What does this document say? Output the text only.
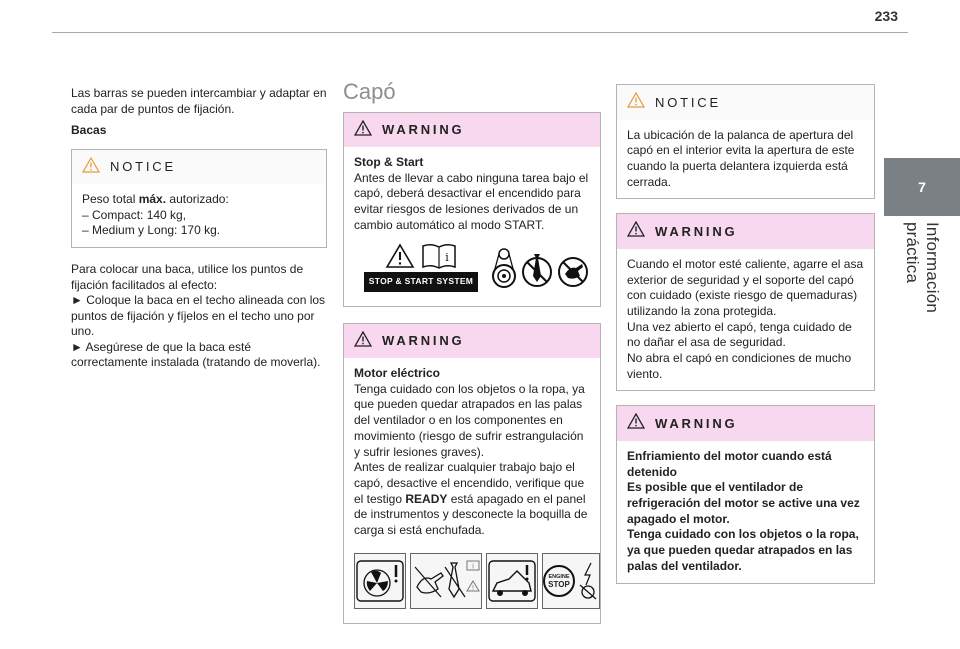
233
7
Información práctica

Las barras se pueden intercambiar y adaptar en cada par de puntos de fijación.

Bacas
NOTICE
Peso total máx. autorizado:
– Compact: 140 kg,
– Medium y Long: 170 kg.

Para colocar una baca, utilice los puntos de fijación facilitados al efecto:

► Coloque la baca en el techo alineada con los puntos de fijación y fíjelos en el techo uno por uno.

► Asegúrese de que la baca esté correctamente instalada (tratando de moverla).

Capó
WARNING
Stop & Start
Antes de llevar a cabo ninguna tarea bajo el capó, deberá desactivar el encendido para evitar riesgos de lesiones derivados de un cambio automático al modo START.
i
STOP & START SYSTEM
WARNING
Motor eléctrico
Tenga cuidado con los objetos o la ropa, ya que pueden quedar atrapados en las palas del ventilador o en los componentes en movimiento (riesgo de sufrir estrangulación y sufrir lesiones graves).
Antes de realizar cualquier trabajo bajo el capó, desactive el encendido, verifique que el testigo READY está apagado en el panel de instrumentos y desconecte la boquilla de carga si está enchufada.
i
!
ENGINE
STOP
NOTICE
La ubicación de la palanca de apertura del capó en el interior evita la apertura de este cuando la puerta delantera izquierda está cerrada.
WARNING
Cuando el motor esté caliente, agarre el asa exterior de seguridad y el soporte del capó con cuidado (existe riesgo de quemaduras) utilizando la zona protegida.
Una vez abierto el capó, tenga cuidado de no dañar el asa de seguridad.
No abra el capó en condiciones de mucho viento.
WARNING
Enfriamiento del motor cuando está detenido
Es posible que el ventilador de refrigeración del motor se active una vez apagado el motor.
Tenga cuidado con los objetos o la ropa, ya que pueden quedar atrapados en las palas del ventilador.
